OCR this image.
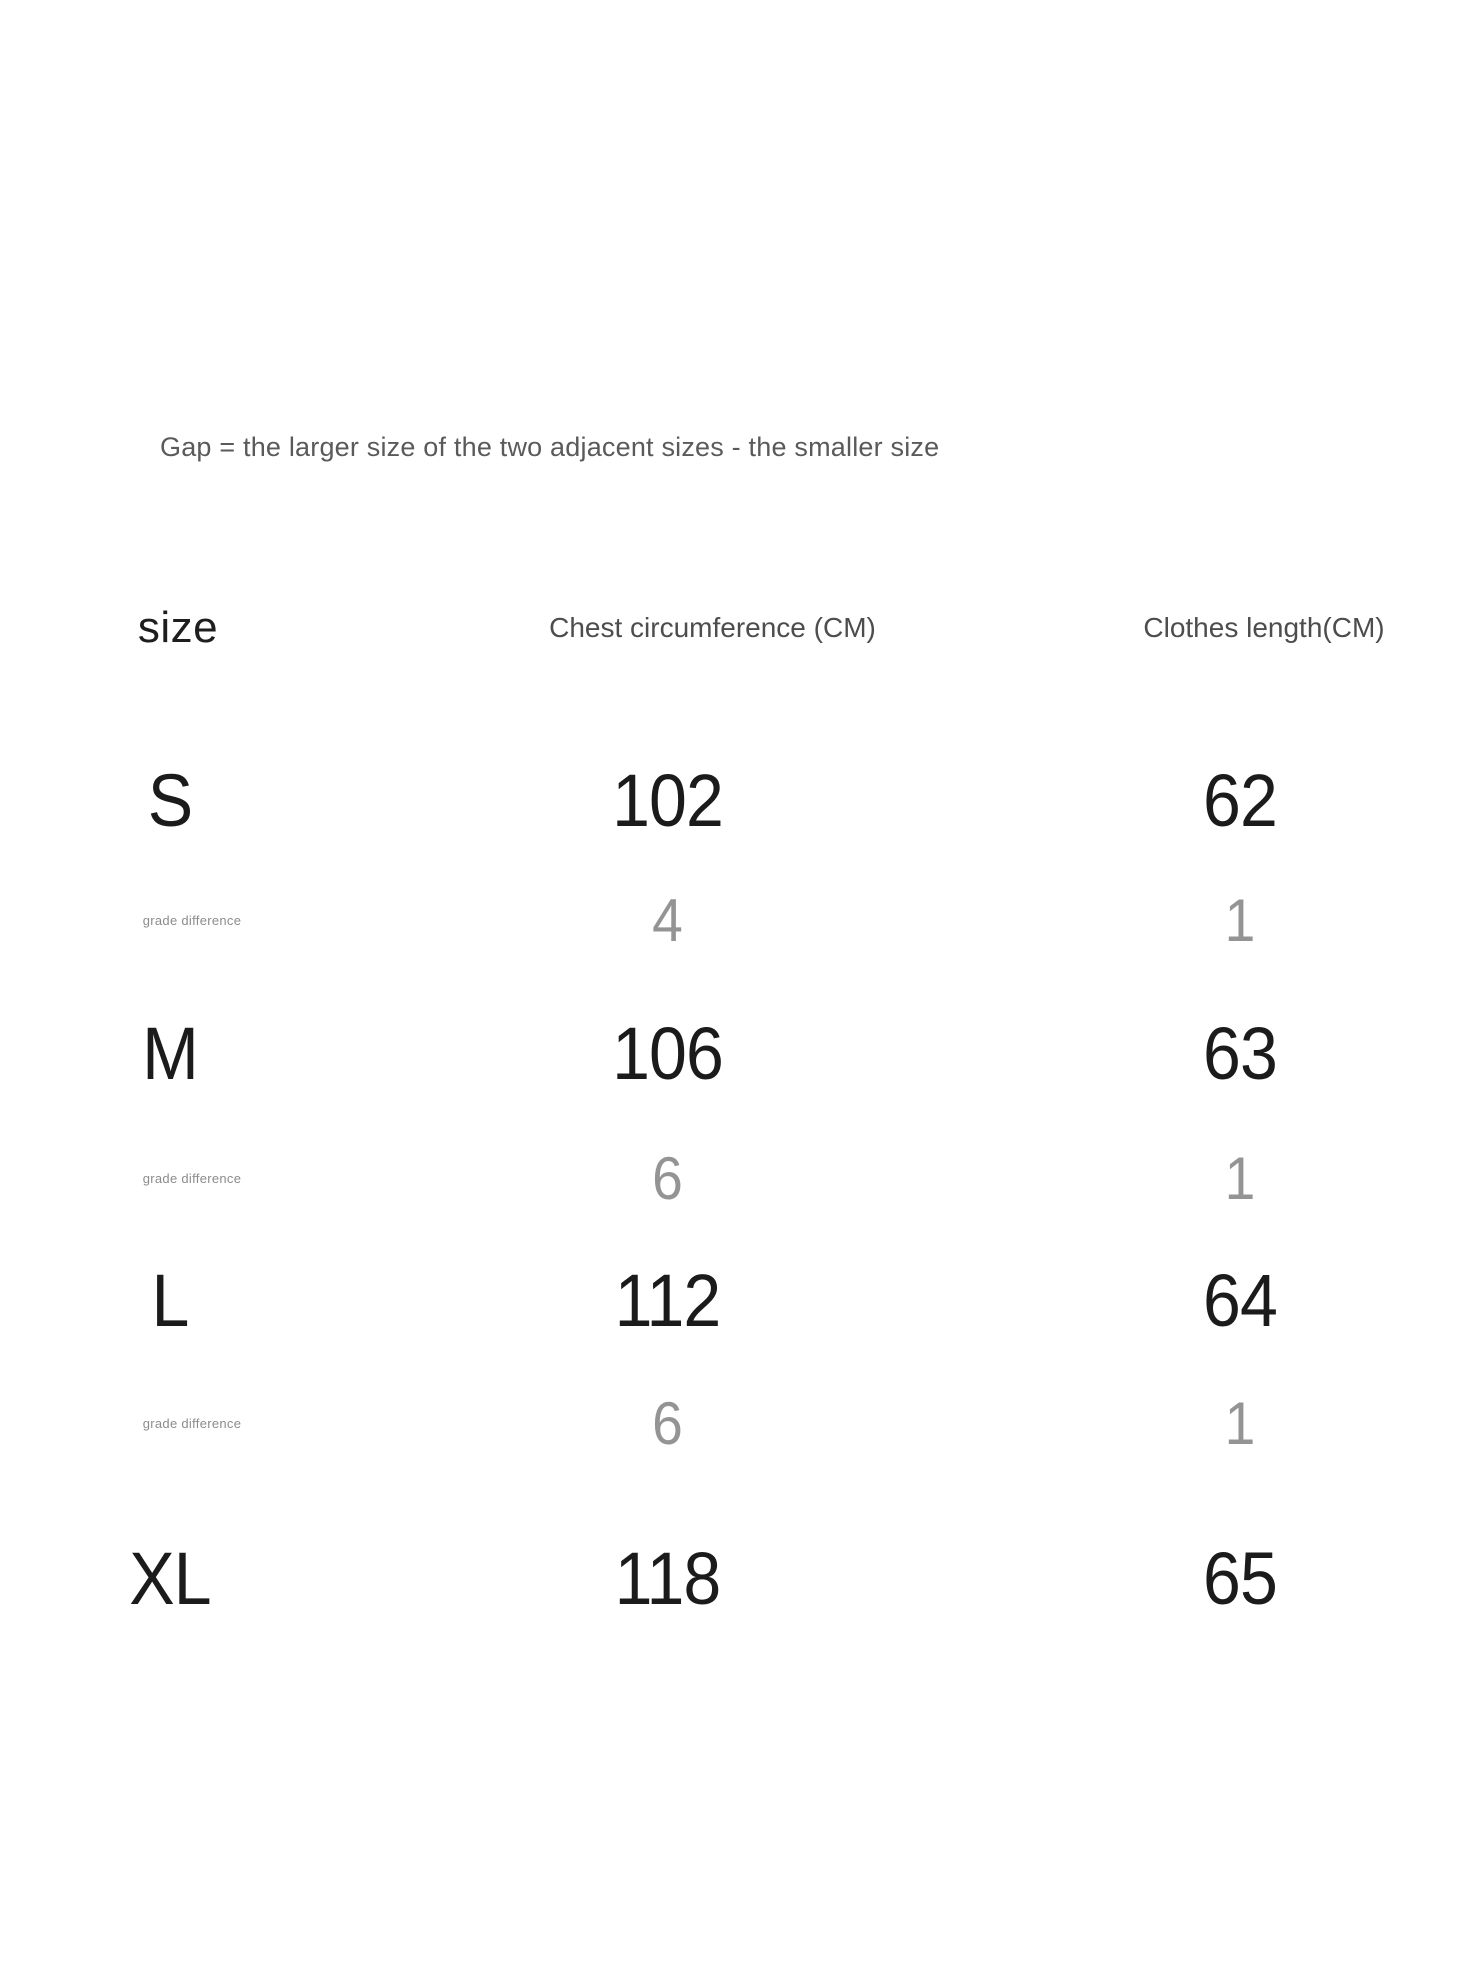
Gap = the larger size of the two adjacent sizes - the smaller size
size	Chest circumference (CM)	Clothes length(CM)
S	102	62
grade difference	4	1
M	106	63
grade difference	6	1
L	112	64
grade difference	6	1
XL	118	65
